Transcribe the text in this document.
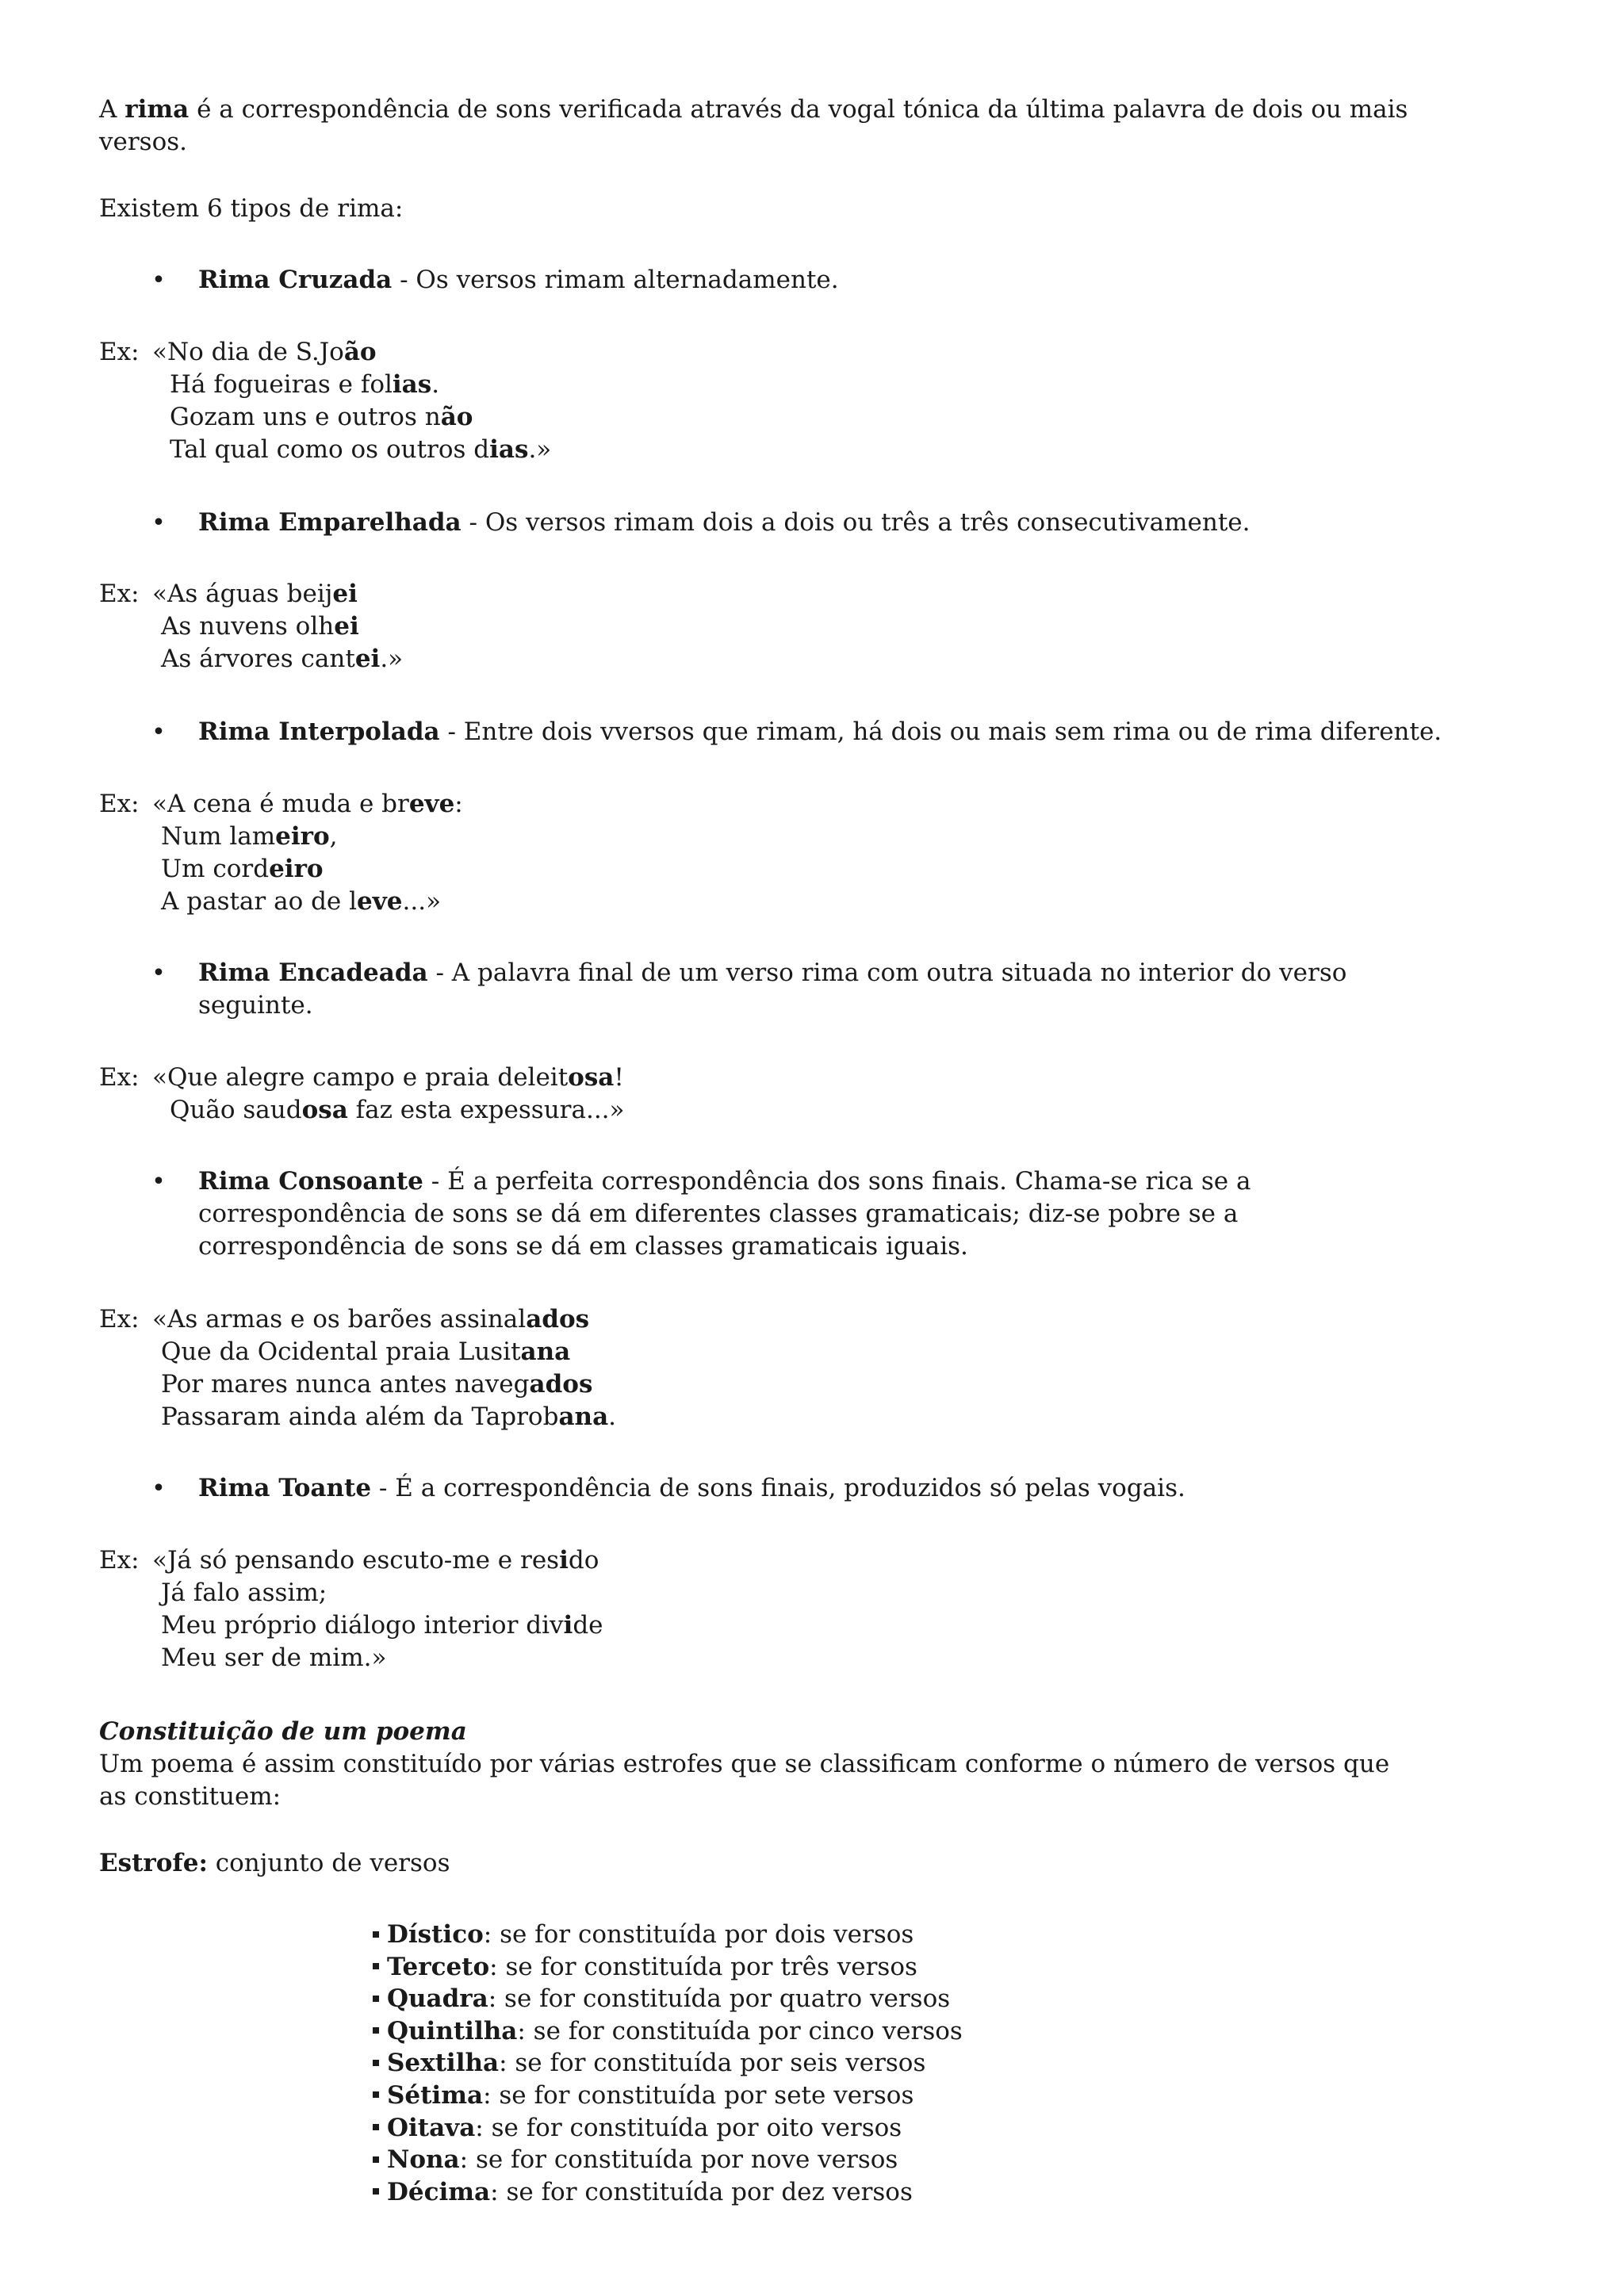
A rima é a correspondência de sons verificada através da vogal tónica da última palavra de dois ou mais
versos.
Existem 6 tipos de rima:
• Rima Cruzada - Os versos rimam alternadamente.
Ex: «No dia de S.João
Há fogueiras e folias.
Gozam uns e outros não
Tal qual como os outros dias.»
• Rima Emparelhada - Os versos rimam dois a dois ou três a três consecutivamente.
Ex: «As águas beijei
As nuvens olhei
As árvores cantei.»
• Rima Interpolada - Entre dois vversos que rimam, há dois ou mais sem rima ou de rima diferente.
Ex: «A cena é muda e breve:
Num lameiro,
Um cordeiro
A pastar ao de leve...»
• Rima Encadeada - A palavra final de um verso rima com outra situada no interior do verso
seguinte.
Ex: «Que alegre campo e praia deleitosa!
Quão saudosa faz esta expessura...»
• Rima Consoante - É a perfeita correspondência dos sons finais. Chama-se rica se a
correspondência de sons se dá em diferentes classes gramaticais; diz-se pobre se a
correspondência de sons se dá em classes gramaticais iguais.
Ex: «As armas e os barões assinalados
Que da Ocidental praia Lusitana
Por mares nunca antes navegados
Passaram ainda além da Taprobana.
• Rima Toante - É a correspondência de sons finais, produzidos só pelas vogais.
Ex: «Já só pensando escuto-me e resido
Já falo assim;
Meu próprio diálogo interior divide
Meu ser de mim.»
Constituição de um poema
Um poema é assim constituído por várias estrofes que se classificam conforme o número de versos que
as constituem:
Estrofe: conjunto de versos
Dístico: se for constituída por dois versos
Terceto: se for constituída por três versos
Quadra: se for constituída por quatro versos
Quintilha: se for constituída por cinco versos
Sextilha: se for constituída por seis versos
Sétima: se for constituída por sete versos
Oitava: se for constituída por oito versos
Nona: se for constituída por nove versos
Décima: se for constituída por dez versos
